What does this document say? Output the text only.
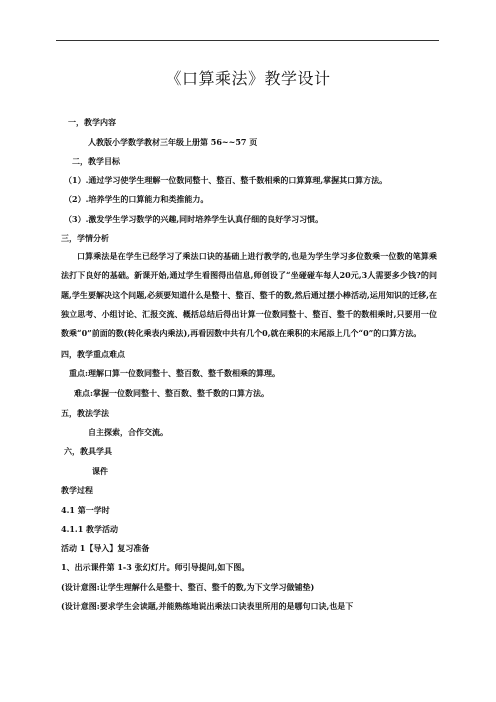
《口算乘法》教学设计
一，教学内容
人教版小学数学教材三年级上册第 56~~57 页
二，教学目标
（1）.通过学习使学生理解一位数同整十、整百、整千数相乘的口算算理,掌握其口算方法。
（2）.培养学生的口算能力和类推能力。
（3）.激发学生学习数学的兴趣,同时培养学生认真仔细的良好学习习惯。
三，学情分析
口算乘法是在学生已经学习了乘法口诀的基础上进行教学的,也是为学生学习多位数乘一位数的笔算乘法打下良好的基础。新课开始,通过学生看图得出信息,师创设了“坐碰碰车每人20元,3人需要多少钱?的问题,学生要解决这个问题,必须要知道什么是整十、整百、整千的数,然后通过摆小棒活动,运用知识的迁移,在独立思考、小组讨论、汇报交流、概括总结后得出计算一位数同整十、整百、整千的数相乘时,只要用一位数乘“0”前面的数(转化乘表内乘法),再看因数中共有几个0,就在乘积的末尾添上几个“0”的口算方法。
四，教学重点难点
重点:理解口算一位数同整十、整百数、整千数相乘的算理。
难点:掌握一位数同整十、整百数、整千数的口算方法。
五，教法学法
自主探索，合作交流。
六，教具学具
课件
教学过程
4.1 第一学时
4.1.1 教学活动
活动 1【导入】复习准备
1、出示课件第 1-3 张幻灯片。师引导提问,如下图。
(设计意图:让学生理解什么是整十、整百、整千的数,为下文学习做铺垫)
(设计意图:要求学生会读题,并能熟练地说出乘法口诀表里所用的是哪句口诀,也是下
